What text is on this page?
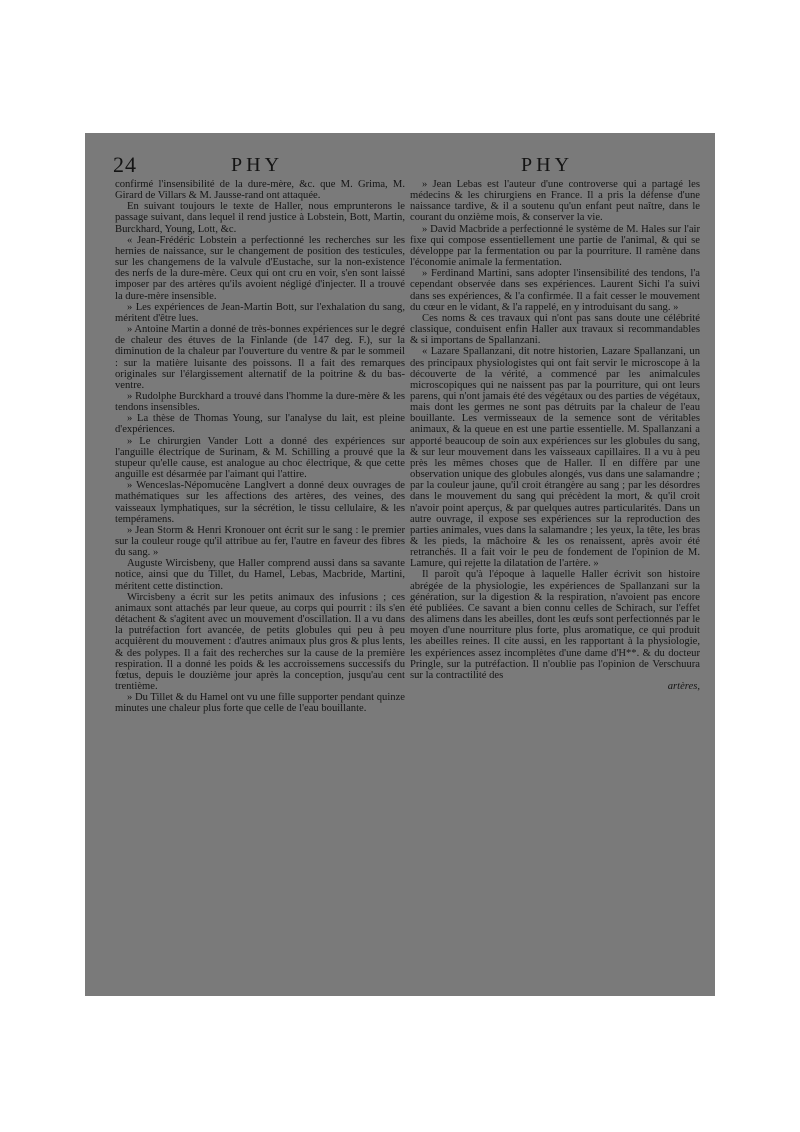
24	PHY	PHY

confirmé l'insensibilité de la dure-mère, &c. que M. Grima, M. Girard de Villars & M. Jausse-rand ont attaquée.

En suivant toujours le texte de Haller, nous emprunterons le passage suivant, dans lequel il rend justice à Lobstein, Bott, Martin, Burckhard, Young, Lott, &c.

« Jean-Frédéric Lobstein a perfectionné les recherches sur les hernies de naissance, sur le changement de position des testicules, sur les changemens de la valvule d'Eustache, sur la non-existence des nerfs de la dure-mère. Ceux qui ont cru en voir, s'en sont laissé imposer par des artères qu'ils avoient négligé d'injecter. Il a trouvé la dure-mère insensible.

» Les expériences de Jean-Martin Bott, sur l'exhalation du sang, méritent d'être lues.

» Antoine Martin a donné de très-bonnes expériences sur le degré de chaleur des étuves de la Finlande (de 147 deg. F.), sur la diminution de la chaleur par l'ouverture du ventre & par le sommeil : sur la matière luisante des poissons. Il a fait des remarques originales sur l'élargissement alternatif de la poitrine & du bas-ventre.

» Rudolphe Burckhard a trouvé dans l'homme la dure-mère & les tendons insensibles.

» La thèse de Thomas Young, sur l'analyse du lait, est pleine d'expériences.

» Le chirurgien Vander Lott a donné des expériences sur l'anguille électrique de Surinam, & M. Schilling a prouvé que la stupeur qu'elle cause, est analogue au choc électrique, & que cette anguille est désarmée par l'aimant qui l'attire.

» Wenceslas-Népomucène Langlvert a donné deux ouvrages de mathématiques sur les affections des artères, des veines, des vaisseaux lymphatiques, sur la sécrétion, le tissu cellulaire, & les tempéramens.

» Jean Storm & Henri Kronouer ont écrit sur le sang : le premier sur la couleur rouge qu'il attribue au fer, l'autre en faveur des fibres du sang. »

Auguste Wircisbeny, que Haller comprend aussi dans sa savante notice, ainsi que du Tillet, du Hamel, Lebas, Macbride, Martini, méritent cette distinction.

Wircisbeny a écrit sur les petits animaux des infusions ; ces animaux sont attachés par leur queue, au corps qui pourrit : ils s'en détachent & s'agitent avec un mouvement d'oscillation. Il a vu dans la putréfaction fort avancée, de petits globules qui peu à peu acquièrent du mouvement : d'autres animaux plus gros & plus lents, & des polypes. Il a fait des recherches sur la cause de la première respiration. Il a donné les poids & les accroissemens successifs du fœtus, depuis le douzième jour après la conception, jusqu'au cent trentième.

» Du Tillet & du Hamel ont vu une fille supporter pendant quinze minutes une chaleur plus forte que celle de l'eau bouillante.

» Jean Lebas est l'auteur d'une controverse qui a partagé les médecins & les chirurgiens en France. Il a pris la défense d'une naissance tardive, & il a soutenu qu'un enfant peut naître, dans le courant du onzième mois, & conserver la vie.

» David Macbride a perfectionné le système de M. Hales sur l'air fixe qui compose essentiellement une partie de l'animal, & qui se développe par la fermentation ou par la pourriture. Il ramène dans l'économie animale la fermentation.

» Ferdinand Martini, sans adopter l'insensibilité des tendons, l'a cependant observée dans ses expériences. Laurent Sichi l'a suivi dans ses expériences, & l'a confirmée. Il a fait cesser le mouvement du cœur en le vidant, & l'a rappelé, en y introduisant du sang. »

Ces noms & ces travaux qui n'ont pas sans doute une célébrité classique, conduisent enfin Haller aux travaux si recommandables & si importans de Spallanzani.

« Lazare Spallanzani, dit notre historien, Lazare Spallanzani, un des principaux physiologistes qui ont fait servir le microscope à la découverte de la vérité, a commencé par les animalcules microscopiques qui ne naissent pas par la pourriture, qui ont leurs parens, qui n'ont jamais été des végétaux ou des parties de végétaux, mais dont les germes ne sont pas détruits par la chaleur de l'eau bouillante. Les vermisseaux de la semence sont de véritables animaux, & la queue en est une partie essentielle. M. Spallanzani a apporté beaucoup de soin aux expériences sur les globules du sang, & sur leur mouvement dans les vaisseaux capillaires. Il a vu à peu près les mêmes choses que de Haller. Il en diffère par une observation unique des globules alongés, vus dans une salamandre ; par la couleur jaune, qu'il croit étrangère au sang ; par les désordres dans le mouvement du sang qui précèdent la mort, & qu'il croit n'avoir point aperçus, & par quelques autres particularités. Dans un autre ouvrage, il expose ses expériences sur la reproduction des parties animales, vues dans la salamandre ; les yeux, la tête, les bras & les pieds, la mâchoire & les os renaissent, après avoir été retranchés. Il a fait voir le peu de fondement de l'opinion de M. Lamure, qui rejette la dilatation de l'artère. »

Il paroît qu'à l'époque à laquelle Haller écrivit son histoire abrégée de la physiologie, les expériences de Spallanzani sur la génération, sur la digestion & la respiration, n'avoient pas encore été publiées. Ce savant a bien connu celles de Schirach, sur l'effet des alimens dans les abeilles, dont les œufs sont perfectionnés par le moyen d'une nourriture plus forte, plus aromatique, ce qui produit les abeilles reines. Il cite aussi, en les rapportant à la physiologie, les expériences assez incomplètes d'une dame d'H**. & du docteur Pringle, sur la putréfaction. Il n'oublie pas l'opinion de Verschuura sur la contractilité des

artères,
